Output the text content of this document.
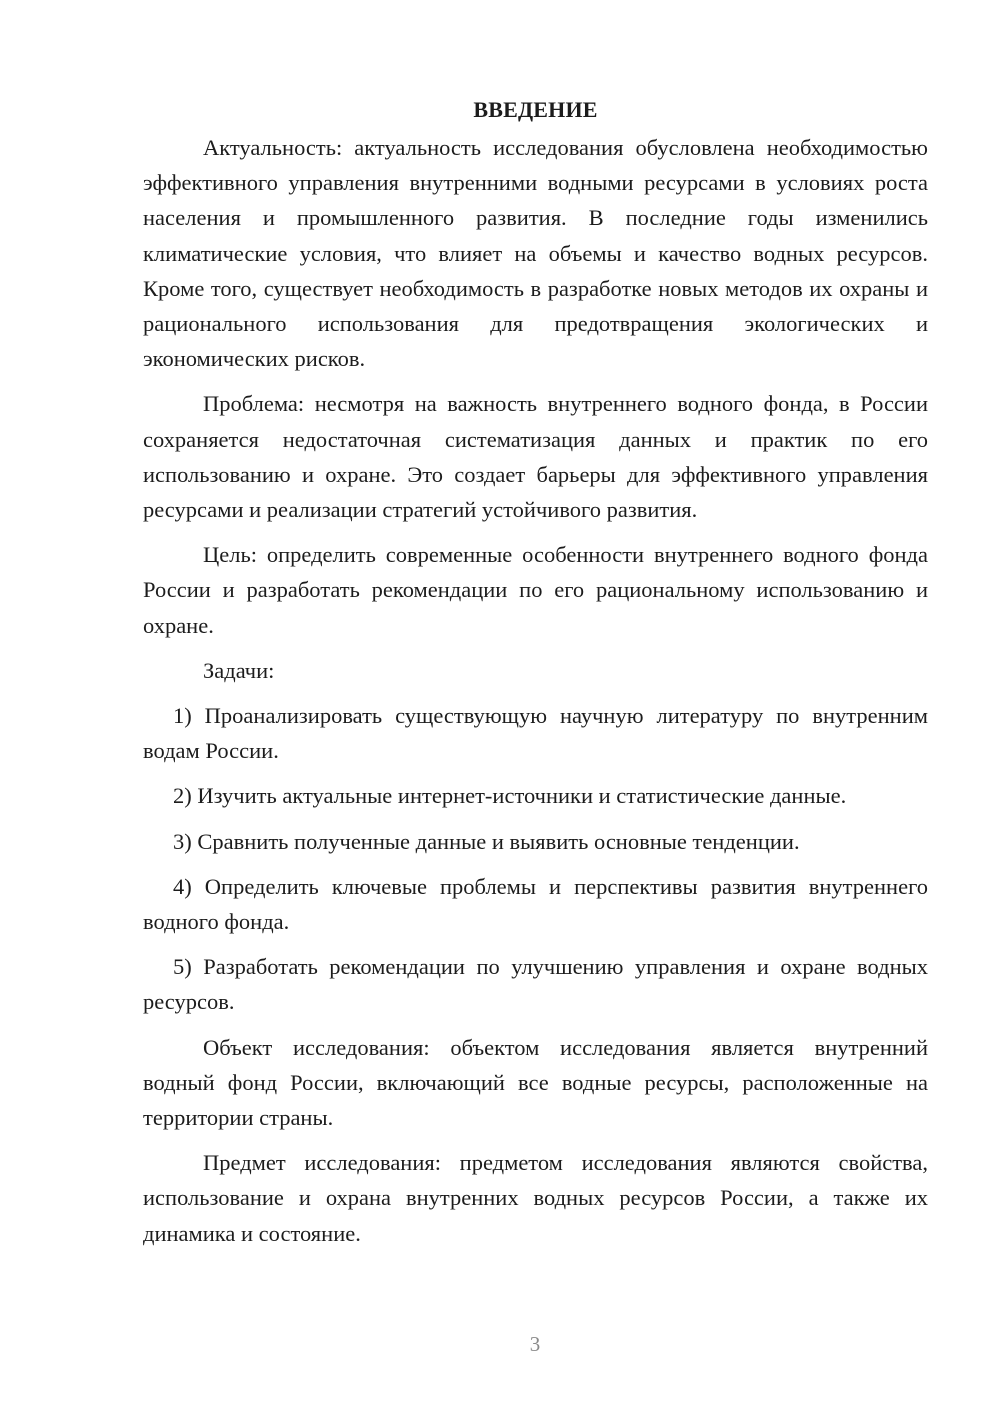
ВВЕДЕНИЕ

Актуальность: актуальность исследования обусловлена необходимостью эффективного управления внутренними водными ресурсами в условиях роста населения и промышленного развития. В последние годы изменились климатические условия, что влияет на объемы и качество водных ресурсов. Кроме того, существует необходимость в разработке новых методов их охраны и рационального использования для предотвращения экологических и экономических рисков.

Проблема: несмотря на важность внутреннего водного фонда, в России сохраняется недостаточная систематизация данных и практик по его использованию и охране. Это создает барьеры для эффективного управления ресурсами и реализации стратегий устойчивого развития.

Цель: определить современные особенности внутреннего водного фонда России и разработать рекомендации по его рациональному использованию и охране.

Задачи:

1) Проанализировать существующую научную литературу по внутренним водам России.

2) Изучить актуальные интернет-источники и статистические данные.

3) Сравнить полученные данные и выявить основные тенденции.

4) Определить ключевые проблемы и перспективы развития внутреннего водного фонда.

5) Разработать рекомендации по улучшению управления и охране водных ресурсов.

Объект исследования: объектом исследования является внутренний водный фонд России, включающий все водные ресурсы, расположенные на территории страны.

Предмет исследования: предметом исследования являются свойства, использование и охрана внутренних водных ресурсов России, а также их динамика и состояние.

3
